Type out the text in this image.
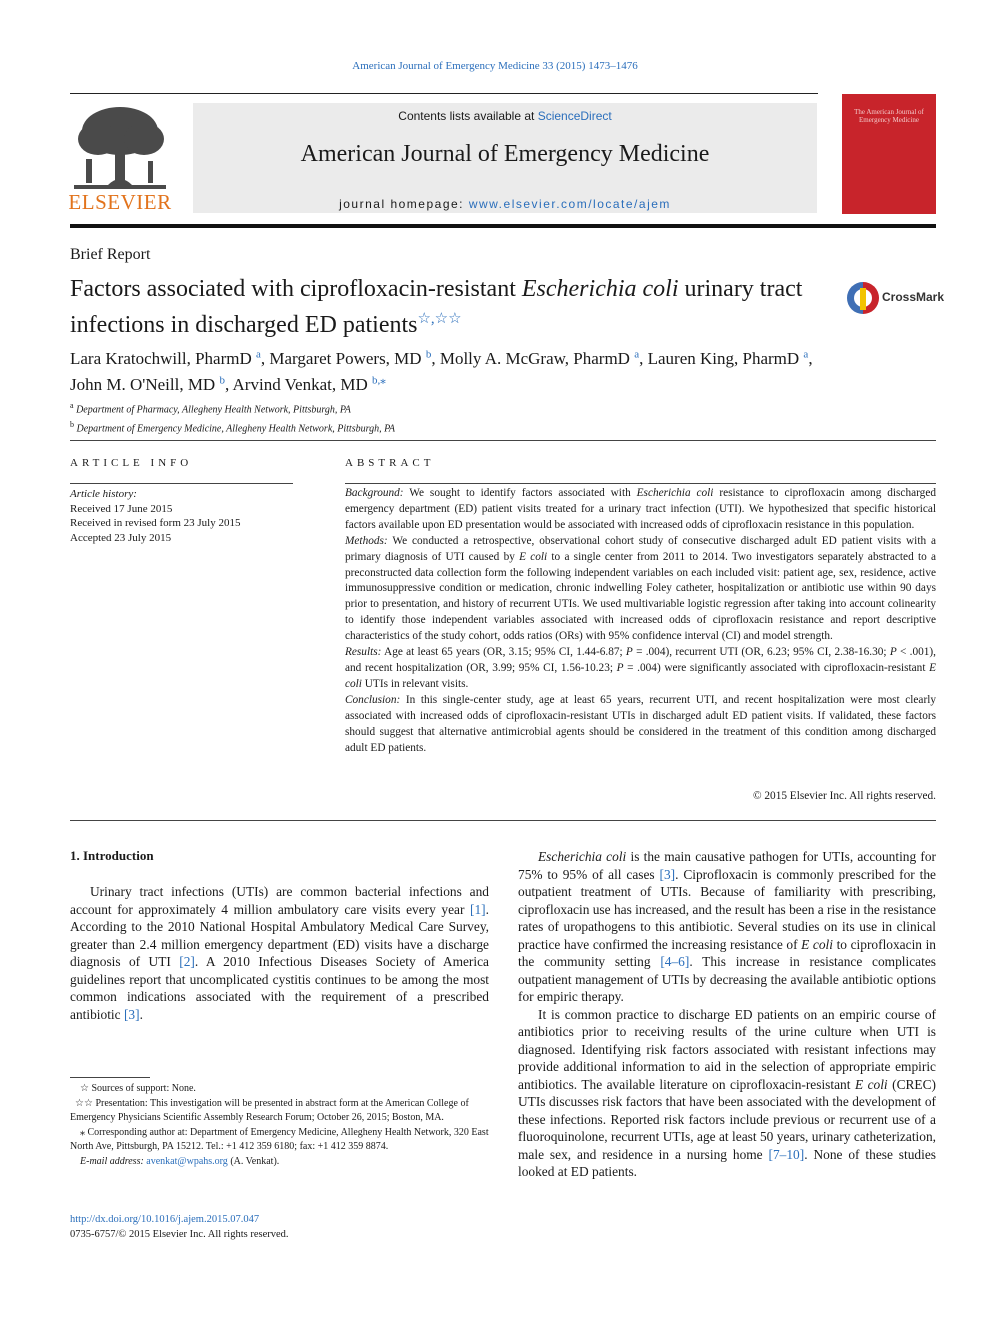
American Journal of Emergency Medicine 33 (2015) 1473–1476
ELSEVIER
Contents lists available at ScienceDirect
American Journal of Emergency Medicine
journal homepage: www.elsevier.com/locate/ajem
The American Journal of Emergency Medicine
Brief Report
Factors associated with ciprofloxacin-resistant Escherichia coli urinary tract infections in discharged ED patients☆,☆☆
CrossMark
Lara Kratochwill, PharmD $^a$, Margaret Powers, MD $^b$, Molly A. McGraw, PharmD $^a$, Lauren King, PharmD $^a$,
John M. O'Neill, MD $^b$, Arvind Venkat, MD $^{b,⁎}$
$^a$ Department of Pharmacy, Allegheny Health Network, Pittsburgh, PA
$^b$ Department of Emergency Medicine, Allegheny Health Network, Pittsburgh, PA
ARTICLE INFO
Article history:
Received 17 June 2015
Received in revised form 23 July 2015
Accepted 23 July 2015
ABSTRACT

Background: We sought to identify factors associated with Escherichia coli resistance to ciprofloxacin among discharged emergency department (ED) patient visits treated for a urinary tract infection (UTI). We hypothesized that specific historical factors available upon ED presentation would be associated with increased odds of ciprofloxacin resistance in this population.

Methods: We conducted a retrospective, observational cohort study of consecutive discharged adult ED patient visits with a primary diagnosis of UTI caused by E coli to a single center from 2011 to 2014. Two investigators separately abstracted to a preconstructed data collection form the following independent variables on each included visit: patient age, sex, residence, active immunosuppressive condition or medication, chronic indwelling Foley catheter, hospitalization or antibiotic use within 90 days prior to presentation, and history of recurrent UTIs. We used multivariable logistic regression after taking into account colinearity to identify those independent variables associated with increased odds of ciprofloxacin resistance and report descriptive characteristics of the study cohort, odds ratios (ORs) with 95% confidence interval (CI) and model strength.

Results: Age at least 65 years (OR, 3.15; 95% CI, 1.44-6.87; P = .004), recurrent UTI (OR, 6.23; 95% CI, 2.38-16.30; P < .001), and recent hospitalization (OR, 3.99; 95% CI, 1.56-10.23; P = .004) were significantly associated with ciprofloxacin-resistant E coli UTIs in relevant visits.

Conclusion: In this single-center study, age at least 65 years, recurrent UTI, and recent hospitalization were most clearly associated with increased odds of ciprofloxacin-resistant UTIs in discharged adult ED patient visits. If validated, these factors should suggest that alternative antimicrobial agents should be considered in the treatment of this condition among discharged adult ED patients.

© 2015 Elsevier Inc. All rights reserved.
1. Introduction

Urinary tract infections (UTIs) are common bacterial infections and account for approximately 4 million ambulatory care visits every year [1]. According to the 2010 National Hospital Ambulatory Medical Care Survey, greater than 2.4 million emergency department (ED) visits have a discharge diagnosis of UTI [2]. A 2010 Infectious Diseases Society of America guidelines report that uncomplicated cystitis continues to be among the most common indications associated with the requirement of a prescribed antibiotic [3].

Escherichia coli is the main causative pathogen for UTIs, accounting for 75% to 95% of all cases [3]. Ciprofloxacin is commonly prescribed for the outpatient treatment of UTIs. Because of familiarity with prescribing, ciprofloxacin use has increased, and the result has been a rise in the resistance rates of uropathogens to this antibiotic. Several studies on its use in clinical practice have confirmed the increasing resistance of E coli to ciprofloxacin in the community setting [4–6]. This increase in resistance complicates outpatient management of UTIs by decreasing the available antibiotic options for empiric therapy.

It is common practice to discharge ED patients on an empiric course of antibiotics prior to receiving results of the urine culture when UTI is diagnosed. Identifying risk factors associated with resistant infections may provide additional information to aid in the selection of appropriate empiric antibiotics. The available literature on ciprofloxacin-resistant E coli (CREC) UTIs discusses risk factors that have been associated with the development of these infections. Reported risk factors include previous or recurrent use of a fluoroquinolone, recurrent UTIs, age at least 50 years, urinary catheterization, male sex, and residence in a nursing home [7–10]. None of these studies looked at ED patients.

☆ Sources of support: None.

☆☆ Presentation: This investigation will be presented in abstract form at the American College of Emergency Physicians Scientific Assembly Research Forum; October 26, 2015; Boston, MA.

⁎ Corresponding author at: Department of Emergency Medicine, Allegheny Health Network, 320 East North Ave, Pittsburgh, PA 15212. Tel.: +1 412 359 6180; fax: +1 412 359 8874.

E-mail address: avenkat@wpahs.org (A. Venkat).

http://dx.doi.org/10.1016/j.ajem.2015.07.047
0735-6757/© 2015 Elsevier Inc. All rights reserved.
